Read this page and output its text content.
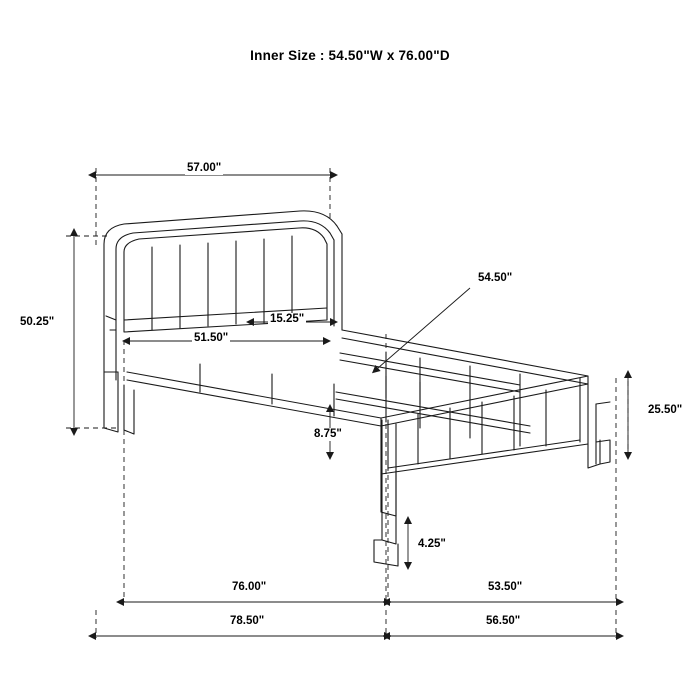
Inner Size : 54.50"W x 76.00"D
57.00"
50.25"
51.50"
15.25"
8.75"
54.50"
25.50"
4.25"
76.00"	53.50"
78.50"	56.50"
